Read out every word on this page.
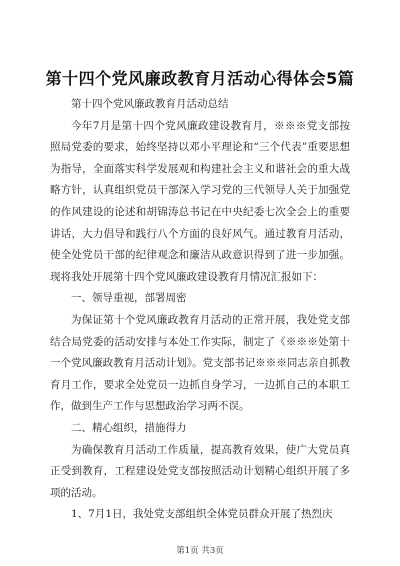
第十四个党风廉政教育月活动心得体会5篇

第十四个党风廉政教育月活动总结

今年7月是第十四个党风廉政建设教育月，※※※党支部按照局党委的要求，始终坚持以邓小平理论和“三个代表”重要思想为指导，全面落实科学发展观和构建社会主义和谐社会的重大战略方针，认真组织党员干部深入学习党的三代领导人关于加强党的作风建设的论述和胡锦涛总书记在中央纪委七次全会上的重要讲话，大力倡导和践行八个方面的良好风气。通过教育月活动，使全处党员干部的纪律观念和廉洁从政意识得到了进一步加强。现将我处开展第十四个党风廉政建设教育月情况汇报如下：

一、领导重视，部署周密

为保证第十个党风廉政教育月活动的正常开展，我处党支部结合局党委的活动安排与本处工作实际，制定了《※※※处第十一个党风廉政教育月活动计划》。党支部书记※※※同志亲自抓教育月工作，要求全处党员一边抓自身学习，一边抓自己的本职工作，做到生产工作与思想政治学习两不误。

二、精心组织，措施得力

为确保教育月活动工作质量，提高教育效果，使广大党员真正受到教育，工程建设处党支部按照活动计划精心组织开展了多项的活动。

1、7月1日，我处党支部组织全体党员群众开展了热烈庆

第1页 共3页
